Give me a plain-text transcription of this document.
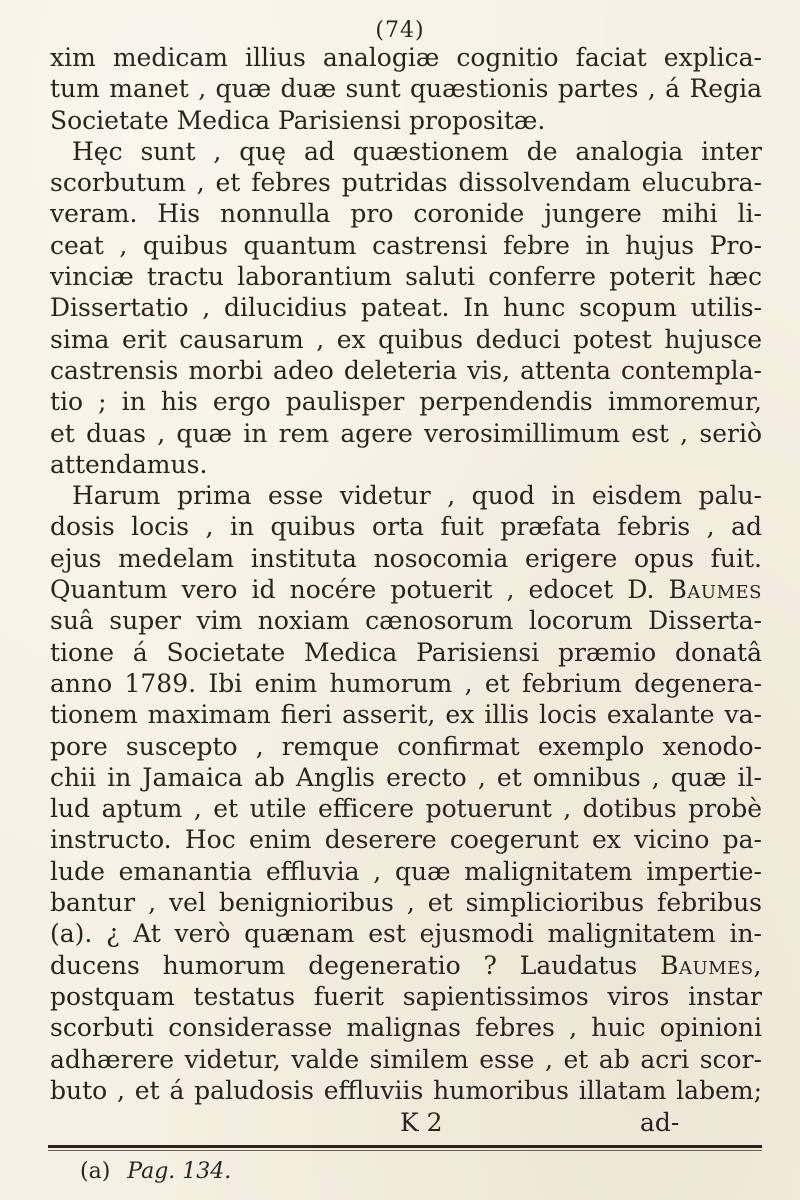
(74)
xim medicam illius analogiæ cognitio faciat explica-
tum manet , quæ duæ sunt quæstionis partes , á Regia
Societate Medica Parisiensi propositæ.
Hęc sunt , quę ad quæstionem de analogia inter
scorbutum , et febres putridas dissolvendam elucubra-
veram. His nonnulla pro coronide jungere mihi li-
ceat , quibus quantum castrensi febre in hujus Pro-
vinciæ tractu laborantium saluti conferre poterit hæc
Dissertatio , dilucidius pateat. In hunc scopum utilis-
sima erit causarum , ex quibus deduci potest hujusce
castrensis morbi adeo deleteria vis, attenta contempla-
tio ; in his ergo paulisper perpendendis immoremur,
et duas , quæ in rem agere verosimillimum est , seriò
attendamus.
Harum prima esse videtur , quod in eisdem palu-
dosis locis , in quibus orta fuit præfata febris , ad
ejus medelam instituta nosocomia erigere opus fuit.
Quantum vero id nocére potuerit , edocet D. Baumes
suâ super vim noxiam cænosorum locorum Disserta-
tione á Societate Medica Parisiensi præmio donatâ
anno 1789. Ibi enim humorum , et febrium degenera-
tionem maximam fieri asserit, ex illis locis exalante va-
pore suscepto , remque confirmat exemplo xenodo-
chii in Jamaica ab Anglis erecto , et omnibus , quæ il-
lud aptum , et utile efficere potuerunt , dotibus probè
instructo. Hoc enim deserere coegerunt ex vicino pa-
lude emanantia effluvia , quæ malignitatem impertie-
bantur , vel benignioribus , et simplicioribus febribus
(a). ¿ At verò quænam est ejusmodi malignitatem in-
ducens humorum degeneratio ? Laudatus Baumes,
postquam testatus fuerit sapientissimos viros instar
scorbuti considerasse malignas febres , huic opinioni
adhærere videtur, valde similem esse , et ab acri scor-
buto , et á paludosis effluviis humoribus illatam labem;
K 2	ad-
(a) Pag. 134.
